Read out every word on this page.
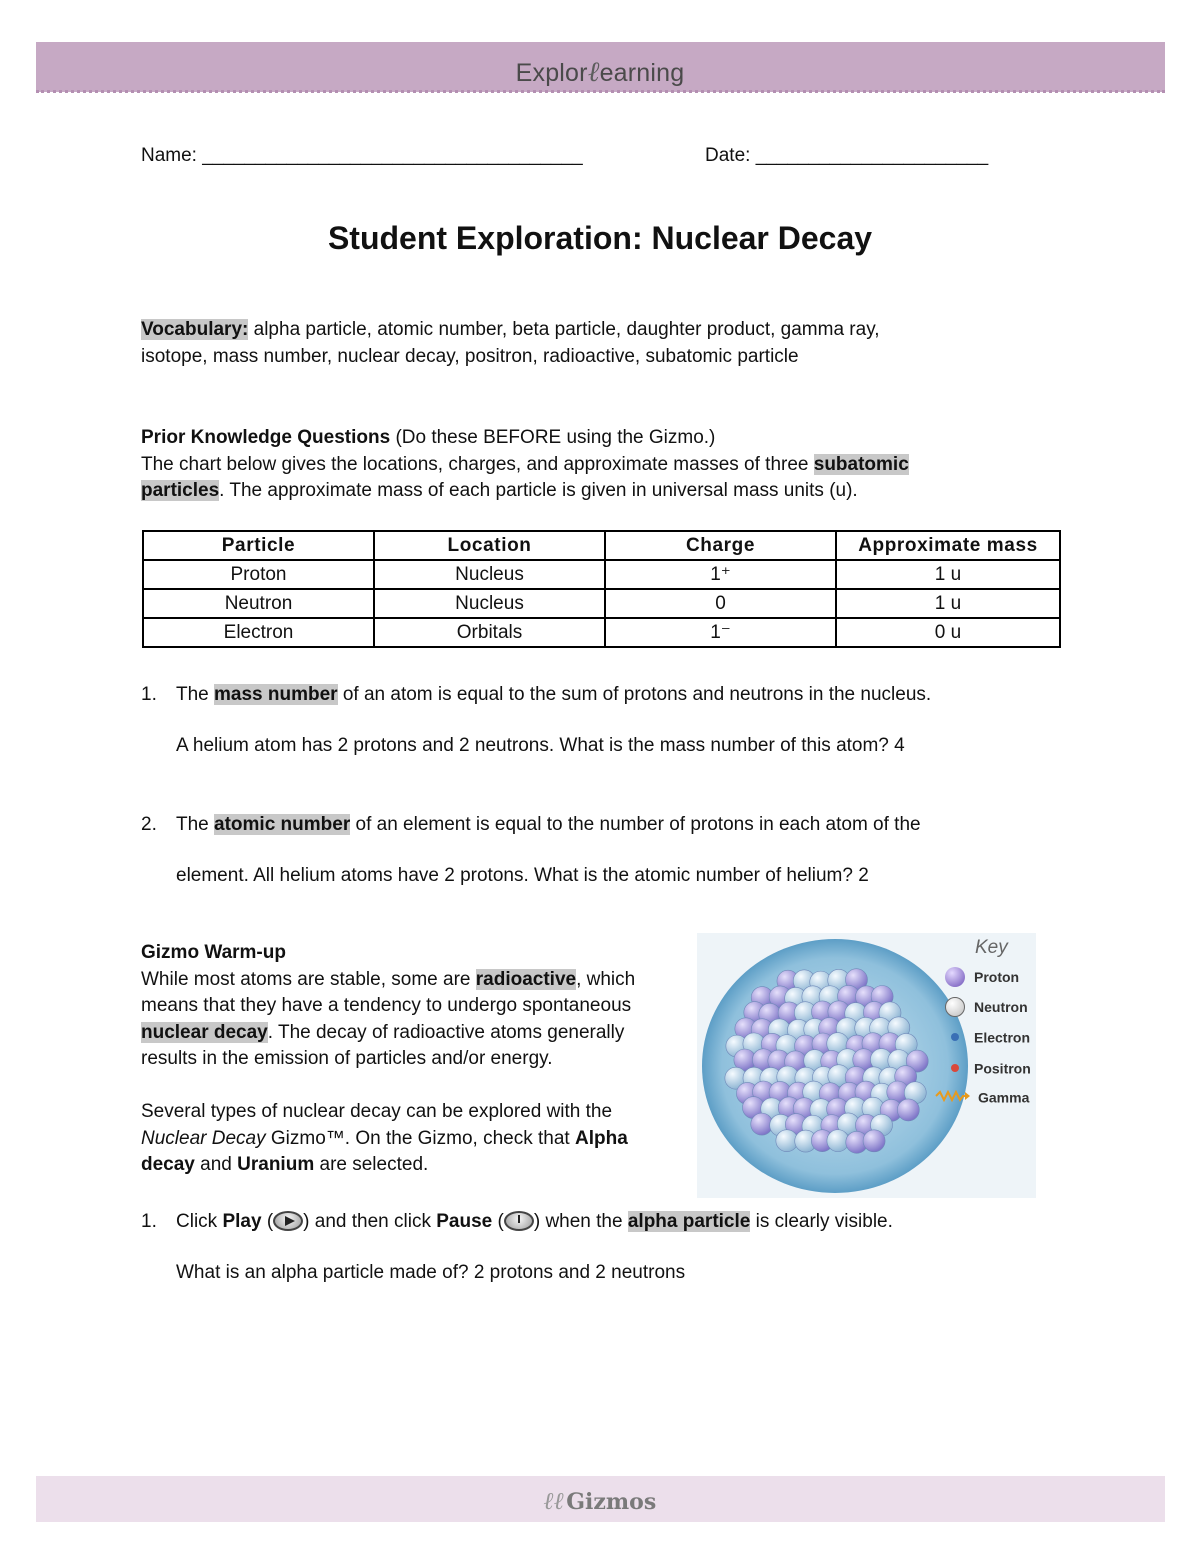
Explorℓearning
Name: ____________________________________	Date: ______________________
Student Exploration: Nuclear Decay
Vocabulary: alpha particle, atomic number, beta particle, daughter product, gamma ray,
isotope, mass number, nuclear decay, positron, radioactive, subatomic particle
Prior Knowledge Questions (Do these BEFORE using the Gizmo.)
The chart below gives the locations, charges, and approximate masses of three subatomic
particles. The approximate mass of each particle is given in universal mass units (u).
Particle	Location	Charge	Approximate mass
Proton	Nucleus	1⁺	1 u
Neutron	Nucleus	0	1 u
Electron	Orbitals	1⁻	0 u
1. The mass number of an atom is equal to the sum of protons and neutrons in the nucleus.
A helium atom has 2 protons and 2 neutrons. What is the mass number of this atom? 4
2. The atomic number of an element is equal to the number of protons in each atom of the
element. All helium atoms have 2 protons. What is the atomic number of helium? 2
Gizmo Warm-up
While most atoms are stable, some are radioactive, which
means that they have a tendency to undergo spontaneous
nuclear decay. The decay of radioactive atoms generally
results in the emission of particles and/or energy.

Several types of nuclear decay can be explored with the
Nuclear Decay Gizmo™. On the Gizmo, check that Alpha
decay and Uranium are selected.
Key
Proton
Neutron
Electron
Positron
Gamma
1. Click Play ( ) and then click Pause ( ) when the alpha particle is clearly visible.
What is an alpha particle made of? 2 protons and 2 neutrons
ℓℓGizmos
